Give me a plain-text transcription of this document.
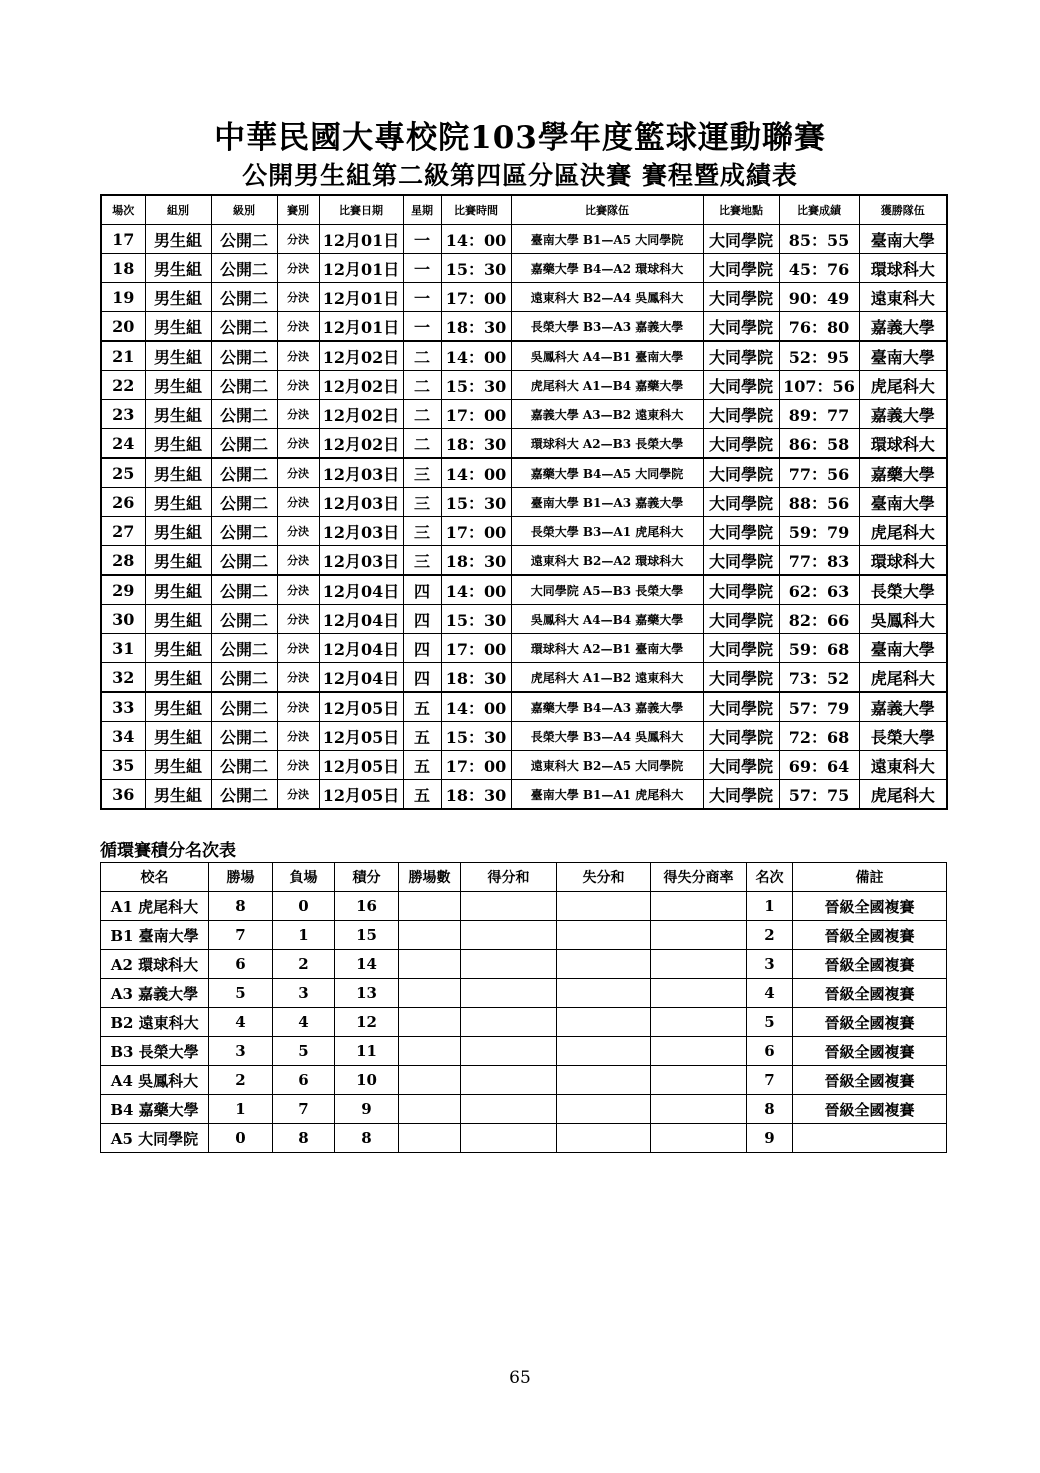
中華民國大專校院103學年度籃球運動聯賽
公開男生組第二級第四區分區決賽 賽程暨成績表
場次	組別	級別	賽別	比賽日期	星期	比賽時間	比賽隊伍	比賽地點	比賽成績	獲勝隊伍
17	男生組	公開二	分決	12月01日	一	14：00	臺南大學 B1—A5 大同學院	大同學院	85：55	臺南大學
18	男生組	公開二	分決	12月01日	一	15：30	嘉藥大學 B4—A2 環球科大	大同學院	45：76	環球科大
19	男生組	公開二	分決	12月01日	一	17：00	遠東科大 B2—A4 吳鳳科大	大同學院	90：49	遠東科大
20	男生組	公開二	分決	12月01日	一	18：30	長榮大學 B3—A3 嘉義大學	大同學院	76：80	嘉義大學
21	男生組	公開二	分決	12月02日	二	14：00	吳鳳科大 A4—B1 臺南大學	大同學院	52：95	臺南大學
22	男生組	公開二	分決	12月02日	二	15：30	虎尾科大 A1—B4 嘉藥大學	大同學院	107：56	虎尾科大
23	男生組	公開二	分決	12月02日	二	17：00	嘉義大學 A3—B2 遠東科大	大同學院	89：77	嘉義大學
24	男生組	公開二	分決	12月02日	二	18：30	環球科大 A2—B3 長榮大學	大同學院	86：58	環球科大
25	男生組	公開二	分決	12月03日	三	14：00	嘉藥大學 B4—A5 大同學院	大同學院	77：56	嘉藥大學
26	男生組	公開二	分決	12月03日	三	15：30	臺南大學 B1—A3 嘉義大學	大同學院	88：56	臺南大學
27	男生組	公開二	分決	12月03日	三	17：00	長榮大學 B3—A1 虎尾科大	大同學院	59：79	虎尾科大
28	男生組	公開二	分決	12月03日	三	18：30	遠東科大 B2—A2 環球科大	大同學院	77：83	環球科大
29	男生組	公開二	分決	12月04日	四	14：00	大同學院 A5—B3 長榮大學	大同學院	62：63	長榮大學
30	男生組	公開二	分決	12月04日	四	15：30	吳鳳科大 A4—B4 嘉藥大學	大同學院	82：66	吳鳳科大
31	男生組	公開二	分決	12月04日	四	17：00	環球科大 A2—B1 臺南大學	大同學院	59：68	臺南大學
32	男生組	公開二	分決	12月04日	四	18：30	虎尾科大 A1—B2 遠東科大	大同學院	73：52	虎尾科大
33	男生組	公開二	分決	12月05日	五	14：00	嘉藥大學 B4—A3 嘉義大學	大同學院	57：79	嘉義大學
34	男生組	公開二	分決	12月05日	五	15：30	長榮大學 B3—A4 吳鳳科大	大同學院	72：68	長榮大學
35	男生組	公開二	分決	12月05日	五	17：00	遠東科大 B2—A5 大同學院	大同學院	69：64	遠東科大
36	男生組	公開二	分決	12月05日	五	18：30	臺南大學 B1—A1 虎尾科大	大同學院	57：75	虎尾科大
循環賽積分名次表
校名	勝場	負場	積分	勝場數	得分和	失分和	得失分商率	名次	備註
A1 虎尾科大	8	0	16					1	晉級全國複賽
B1 臺南大學	7	1	15					2	晉級全國複賽
A2 環球科大	6	2	14					3	晉級全國複賽
A3 嘉義大學	5	3	13					4	晉級全國複賽
B2 遠東科大	4	4	12					5	晉級全國複賽
B3 長榮大學	3	5	11					6	晉級全國複賽
A4 吳鳳科大	2	6	10					7	晉級全國複賽
B4 嘉藥大學	1	7	9					8	晉級全國複賽
A5 大同學院	0	8	8					9	
65
